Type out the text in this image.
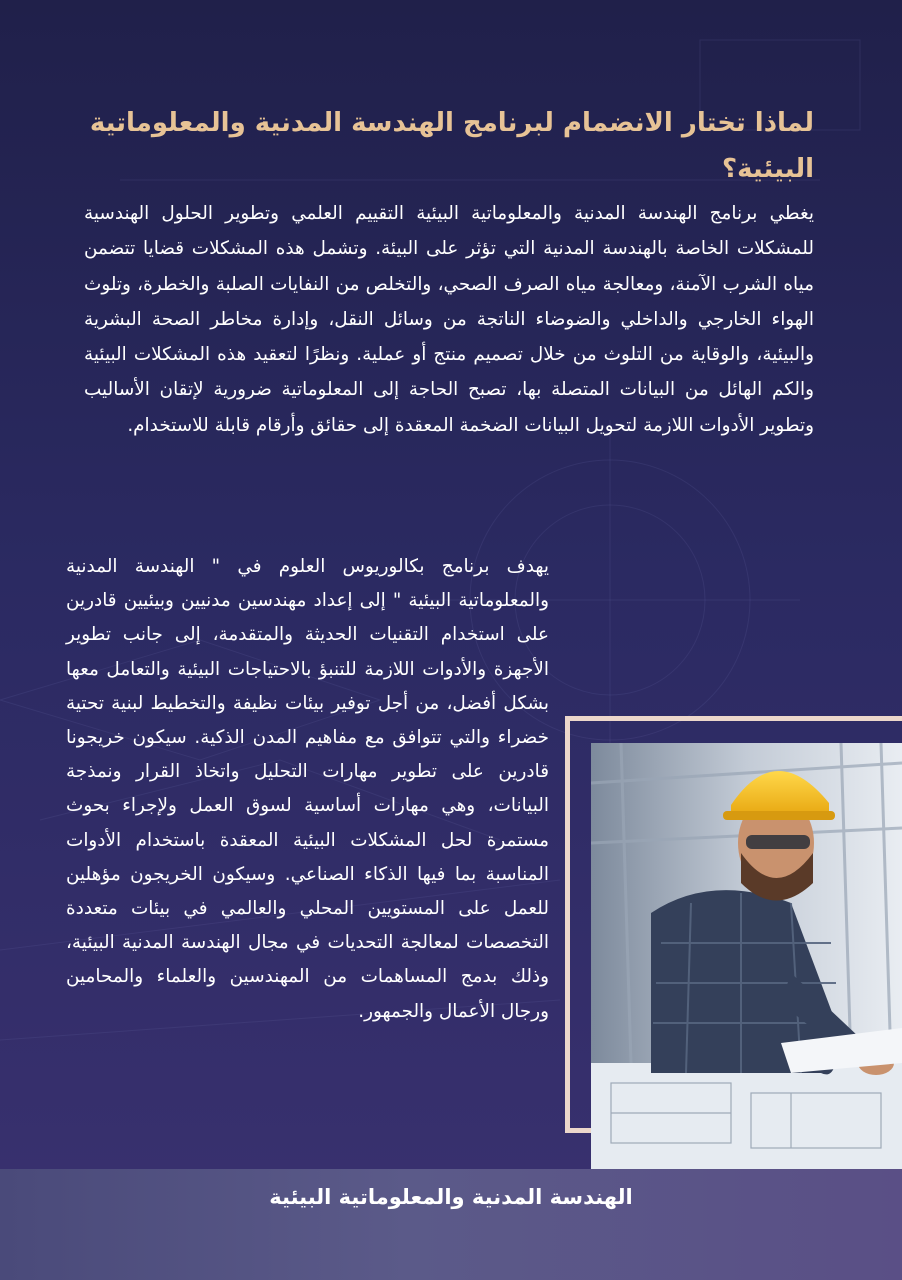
لماذا تختار الانضمام لبرنامج الهندسة المدنية والمعلوماتية البيئية؟

يغطي برنامج الهندسة المدنية والمعلوماتية البيئية التقييم العلمي وتطوير الحلول الهندسية للمشكلات الخاصة بالهندسة المدنية التي تؤثر على البيئة. وتشمل هذه المشكلات قضايا تتضمن مياه الشرب الآمنة، ومعالجة مياه الصرف الصحي، والتخلص من النفايات الصلبة والخطرة، وتلوث الهواء الخارجي والداخلي والضوضاء الناتجة من وسائل النقل، وإدارة مخاطر الصحة البشرية والبيئية، والوقاية من التلوث من خلال تصميم منتج أو عملية. ونظرًا لتعقيد هذه المشكلات البيئية والكم الهائل من البيانات المتصلة بها، تصبح الحاجة إلى المعلوماتية ضرورية لإتقان الأساليب وتطوير الأدوات اللازمة لتحويل البيانات الضخمة المعقدة إلى حقائق وأرقام قابلة للاستخدام.

يهدف برنامج بكالوريوس العلوم في " الهندسة المدنية والمعلوماتية البيئية " إلى إعداد مهندسين مدنيين وبيئيين قادرين على استخدام التقنيات الحديثة والمتقدمة، إلى جانب تطوير الأجهزة والأدوات اللازمة للتنبؤ بالاحتياجات البيئية والتعامل معها بشكل أفضل، من أجل توفير بيئات نظيفة والتخطيط لبنية تحتية خضراء والتي تتوافق مع مفاهيم المدن الذكية. سيكون خريجونا قادرين على تطوير مهارات التحليل واتخاذ القرار ونمذجة البيانات، وهي مهارات أساسية لسوق العمل ولإجراء بحوث مستمرة لحل المشكلات البيئية المعقدة باستخدام الأدوات المناسبة بما فيها الذكاء الصناعي. وسيكون الخريجون مؤهلين للعمل على المستويين المحلي والعالمي في بيئات متعددة التخصصات لمعالجة التحديات في مجال الهندسة المدنية البيئية، وذلك بدمج المساهمات من المهندسين والعلماء والمحامين ورجال الأعمال والجمهور.

الهندسة المدنية والمعلوماتية البيئية
